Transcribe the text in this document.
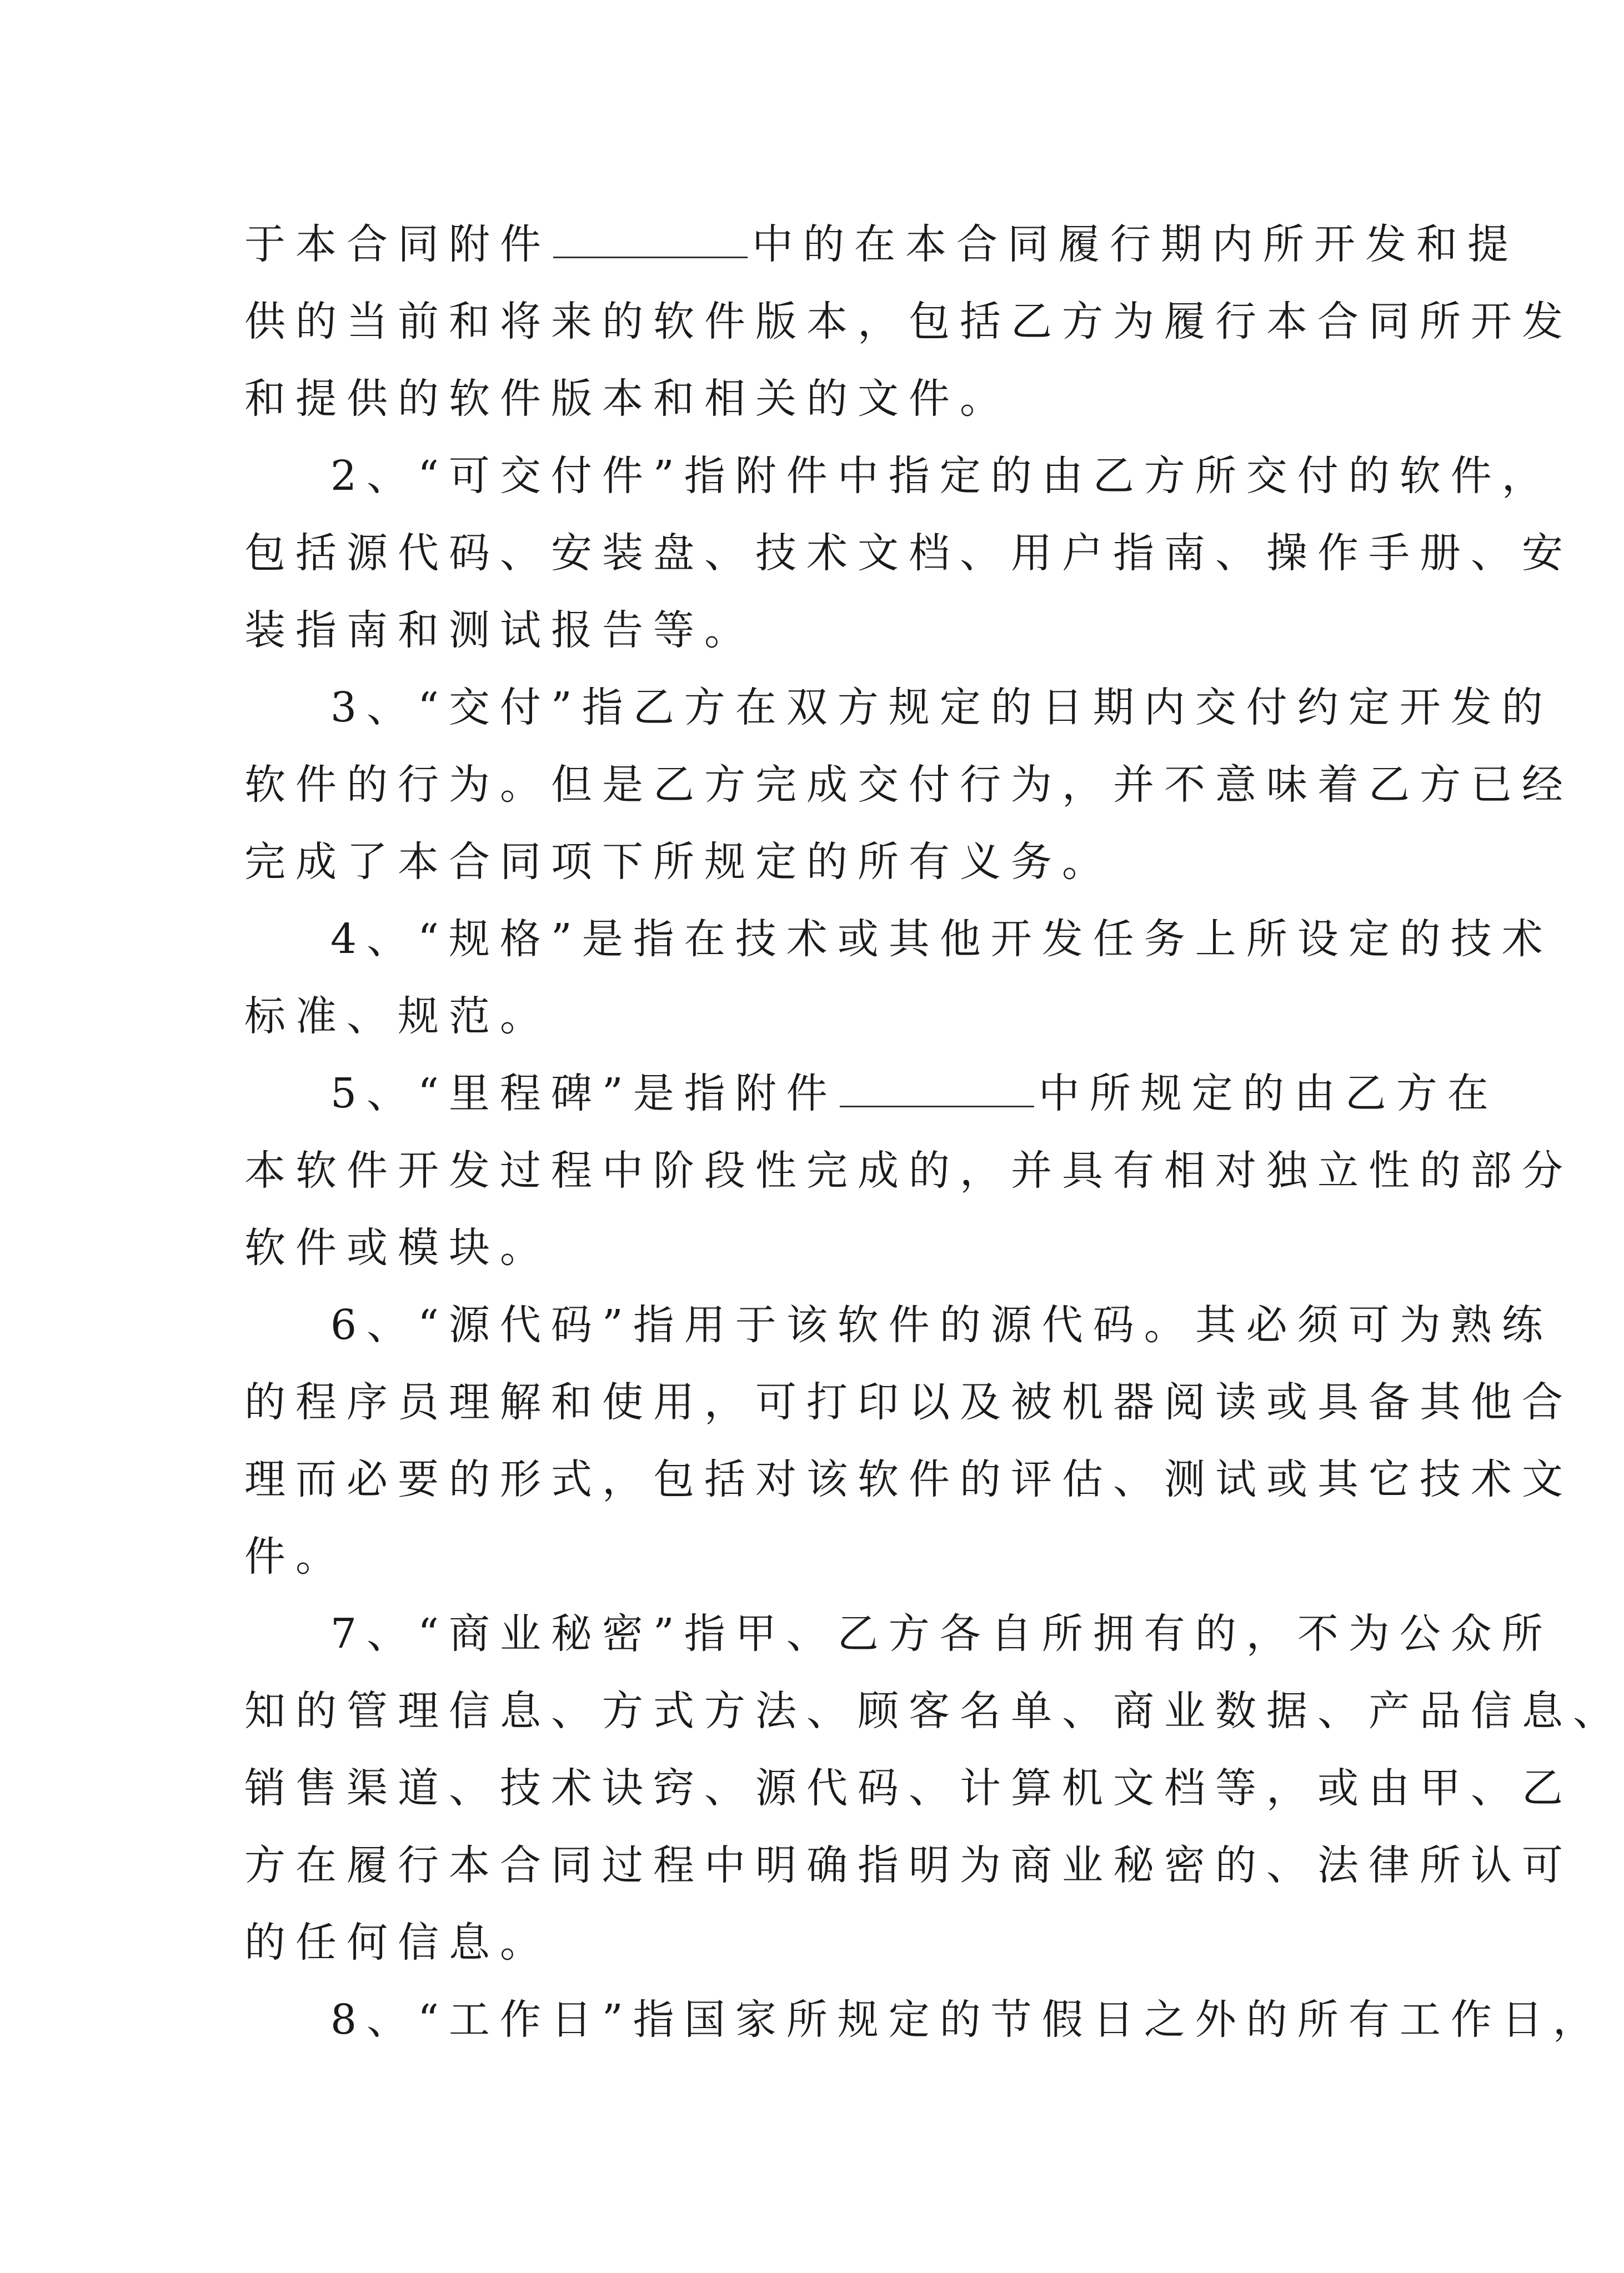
于本合同附件	中的在本合同履行期内所开发和提
供的当前和将来的软件版本，包括乙方为履行本合同所开发
和提供的软件版本和相关的文件。
2、“可交付件”指附件中指定的由乙方所交付的软件，
包括源代码、安装盘、技术文档、用户指南、操作手册、安
装指南和测试报告等。
3、“交付”指乙方在双方规定的日期内交付约定开发的
软件的行为。但是乙方完成交付行为，并不意味着乙方已经
完成了本合同项下所规定的所有义务。
4、“规格”是指在技术或其他开发任务上所设定的技术
标准、规范。
5、“里程碑”是指附件	中所规定的由乙方在
本软件开发过程中阶段性完成的，并具有相对独立性的部分
软件或模块。
6、“源代码”指用于该软件的源代码。其必须可为熟练
的程序员理解和使用，可打印以及被机器阅读或具备其他合
理而必要的形式，包括对该软件的评估、测试或其它技术文
件。
7、“商业秘密”指甲、乙方各自所拥有的，不为公众所
知的管理信息、方式方法、顾客名单、商业数据、产品信息、
销售渠道、技术诀窍、源代码、计算机文档等，或由甲、乙
方在履行本合同过程中明确指明为商业秘密的、法律所认可
的任何信息。
8、“工作日”指国家所规定的节假日之外的所有工作日，
